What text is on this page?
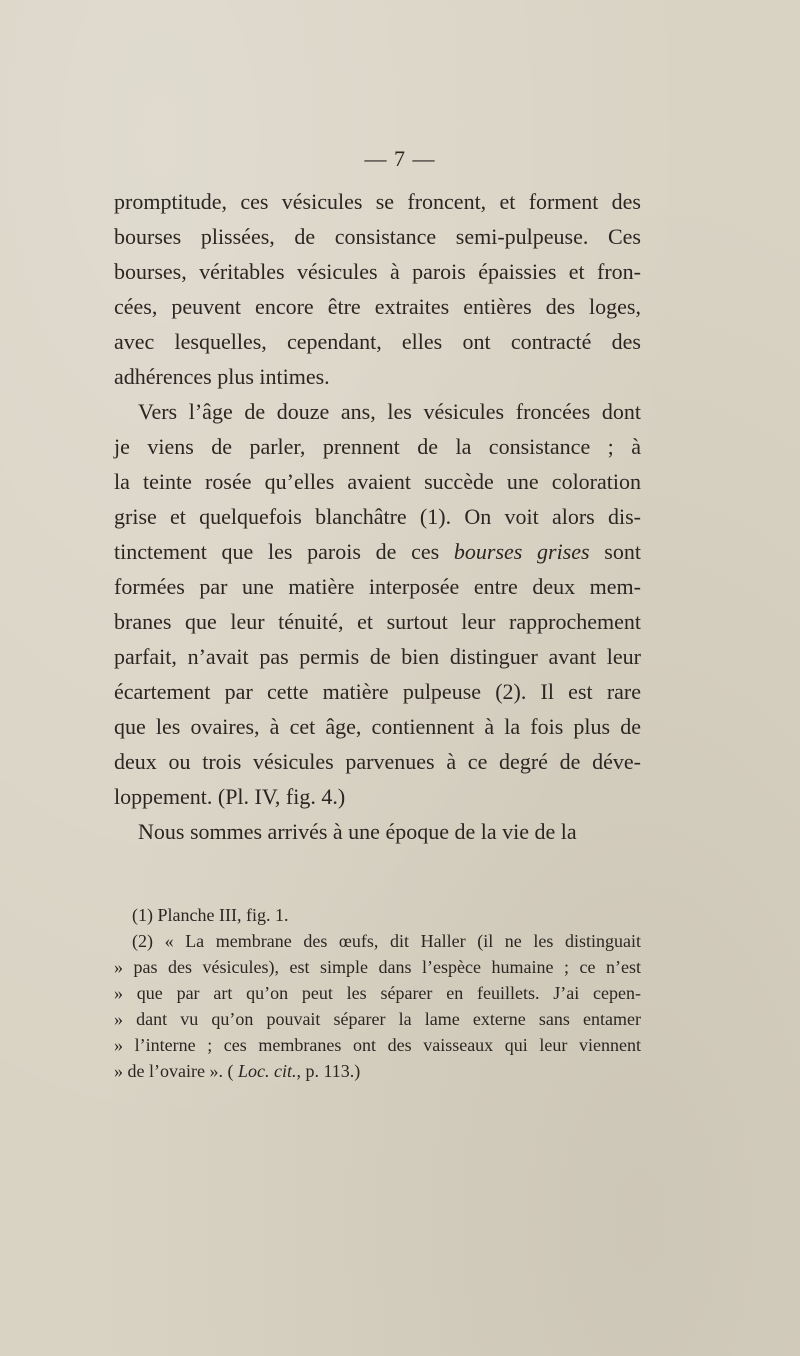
— 7 —
promptitude, ces vésicules se froncent, et forment des
bourses plissées, de consistance semi-pulpeuse. Ces
bourses, véritables vésicules à parois épaissies et fron-
cées, peuvent encore être extraites entières des loges,
avec lesquelles, cependant, elles ont contracté des
adhérences plus intimes.
Vers l’âge de douze ans, les vésicules froncées dont
je viens de parler, prennent de la consistance ; à
la teinte rosée qu’elles avaient succède une coloration
grise et quelquefois blanchâtre (1). On voit alors dis-
tinctement que les parois de ces bourses grises sont
formées par une matière interposée entre deux mem-
branes que leur ténuité, et surtout leur rapprochement
parfait, n’avait pas permis de bien distinguer avant leur
écartement par cette matière pulpeuse (2). Il est rare
que les ovaires, à cet âge, contiennent à la fois plus de
deux ou trois vésicules parvenues à ce degré de déve-
loppement. (Pl. IV, fig. 4.)
Nous sommes arrivés à une époque de la vie de la
(1) Planche III, fig. 1.
(2) « La membrane des œufs, dit Haller (il ne les distinguait
» pas des vésicules), est simple dans l’espèce humaine ; ce n’est
» que par art qu’on peut les séparer en feuillets. J’ai cepen-
» dant vu qu’on pouvait séparer la lame externe sans entamer
» l’interne ; ces membranes ont des vaisseaux qui leur viennent
» de l’ovaire ». ( Loc. cit., p. 113.)
